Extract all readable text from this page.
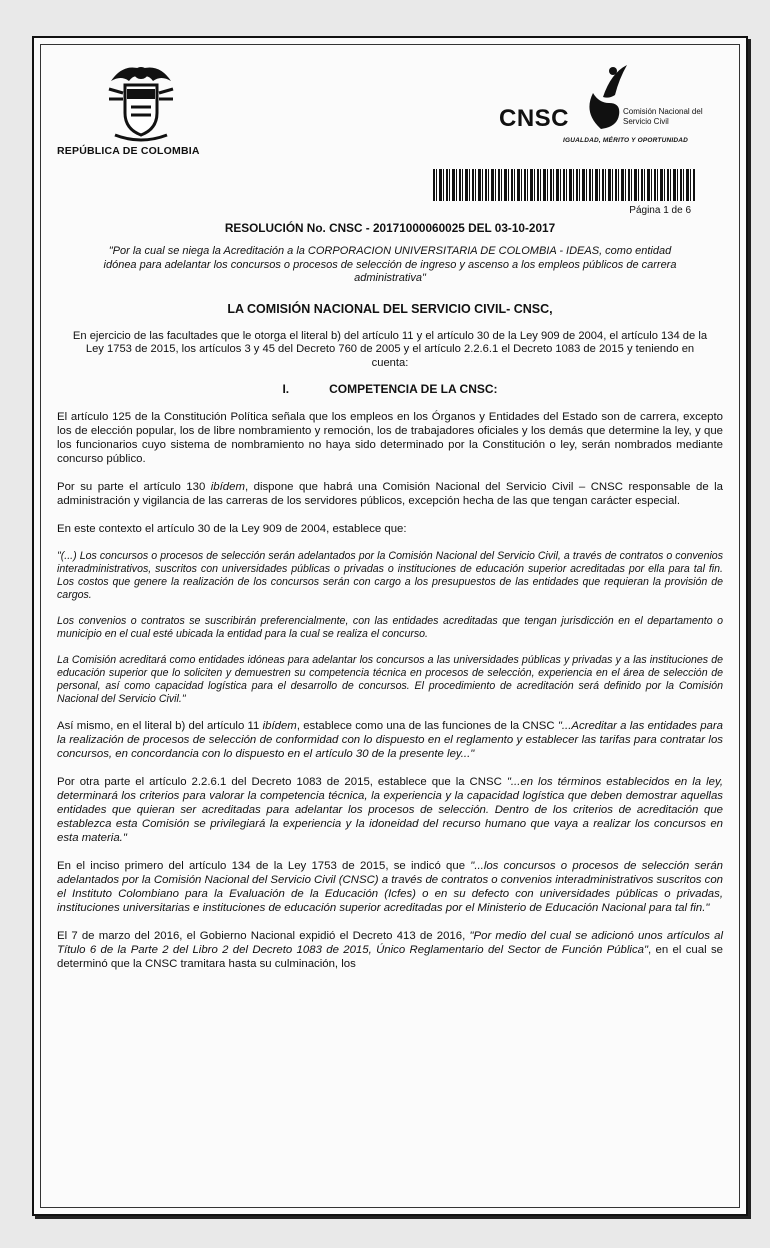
REPÚBLICA DE COLOMBIA
CNSC	Comisión Nacional del Servicio Civil
IGUALDAD, MÉRITO Y OPORTUNIDAD
Página 1 de 6
RESOLUCIÓN No. CNSC - 20171000060025 DEL 03-10-2017
"Por la cual se niega la Acreditación a la CORPORACION UNIVERSITARIA DE COLOMBIA - IDEAS, como entidad idónea para adelantar los concursos o procesos de selección de ingreso y ascenso a los empleos públicos de carrera administrativa"
LA COMISIÓN NACIONAL DEL SERVICIO CIVIL- CNSC,
En ejercicio de las facultades que le otorga el literal b) del artículo 11 y el artículo 30 de la Ley 909 de 2004, el artículo 134 de la Ley 1753 de 2015, los artículos 3 y 45 del Decreto 760 de 2005 y el artículo 2.2.6.1 el Decreto 1083 de 2015 y teniendo en cuenta:
I.	COMPETENCIA DE LA CNSC:

El artículo 125 de la Constitución Política señala que los empleos en los Órganos y Entidades del Estado son de carrera, excepto los de elección popular, los de libre nombramiento y remoción, los de trabajadores oficiales y los demás que determine la ley, y que los funcionarios cuyo sistema de nombramiento no haya sido determinado por la Constitución o ley, serán nombrados mediante concurso público.

Por su parte el artículo 130 ibídem, dispone que habrá una Comisión Nacional del Servicio Civil – CNSC responsable de la administración y vigilancia de las carreras de los servidores públicos, excepción hecha de las que tengan carácter especial.

En este contexto el artículo 30 de la Ley 909 de 2004, establece que:

"(...) Los concursos o procesos de selección serán adelantados por la Comisión Nacional del Servicio Civil, a través de contratos o convenios interadministrativos, suscritos con universidades públicas o privadas o instituciones de educación superior acreditadas por ella para tal fin. Los costos que genere la realización de los concursos serán con cargo a los presupuestos de las entidades que requieran la provisión de cargos.

Los convenios o contratos se suscribirán preferencialmente, con las entidades acreditadas que tengan jurisdicción en el departamento o municipio en el cual esté ubicada la entidad para la cual se realiza el concurso.

La Comisión acreditará como entidades idóneas para adelantar los concursos a las universidades públicas y privadas y a las instituciones de educación superior que lo soliciten y demuestren su competencia técnica en procesos de selección, experiencia en el área de selección de personal, así como capacidad logística para el desarrollo de concursos. El procedimiento de acreditación será definido por la Comisión Nacional del Servicio Civil."

Así mismo, en el literal b) del artículo 11 ibídem, establece como una de las funciones de la CNSC "...Acreditar a las entidades para la realización de procesos de selección de conformidad con lo dispuesto en el reglamento y establecer las tarifas para contratar los concursos, en concordancia con lo dispuesto en el artículo 30 de la presente ley..."

Por otra parte el artículo 2.2.6.1 del Decreto 1083 de 2015, establece que la CNSC "...en los términos establecidos en la ley, determinará los criterios para valorar la competencia técnica, la experiencia y la capacidad logística que deben demostrar aquellas entidades que quieran ser acreditadas para adelantar los procesos de selección. Dentro de los criterios de acreditación que establezca esta Comisión se privilegiará la experiencia y la idoneidad del recurso humano que vaya a realizar los concursos en esta materia."

En el inciso primero del artículo 134 de la Ley 1753 de 2015, se indicó que "...los concursos o procesos de selección serán adelantados por la Comisión Nacional del Servicio Civil (CNSC) a través de contratos o convenios interadministrativos suscritos con el Instituto Colombiano para la Evaluación de la Educación (Icfes) o en su defecto con universidades públicas o privadas, instituciones universitarias e instituciones de educación superior acreditadas por el Ministerio de Educación Nacional para tal fin."

El 7 de marzo del 2016, el Gobierno Nacional expidió el Decreto 413 de 2016, "Por medio del cual se adicionó unos artículos al Título 6 de la Parte 2 del Libro 2 del Decreto 1083 de 2015, Único Reglamentario del Sector de Función Pública", en el cual se determinó que la CNSC tramitara hasta su culminación, los
